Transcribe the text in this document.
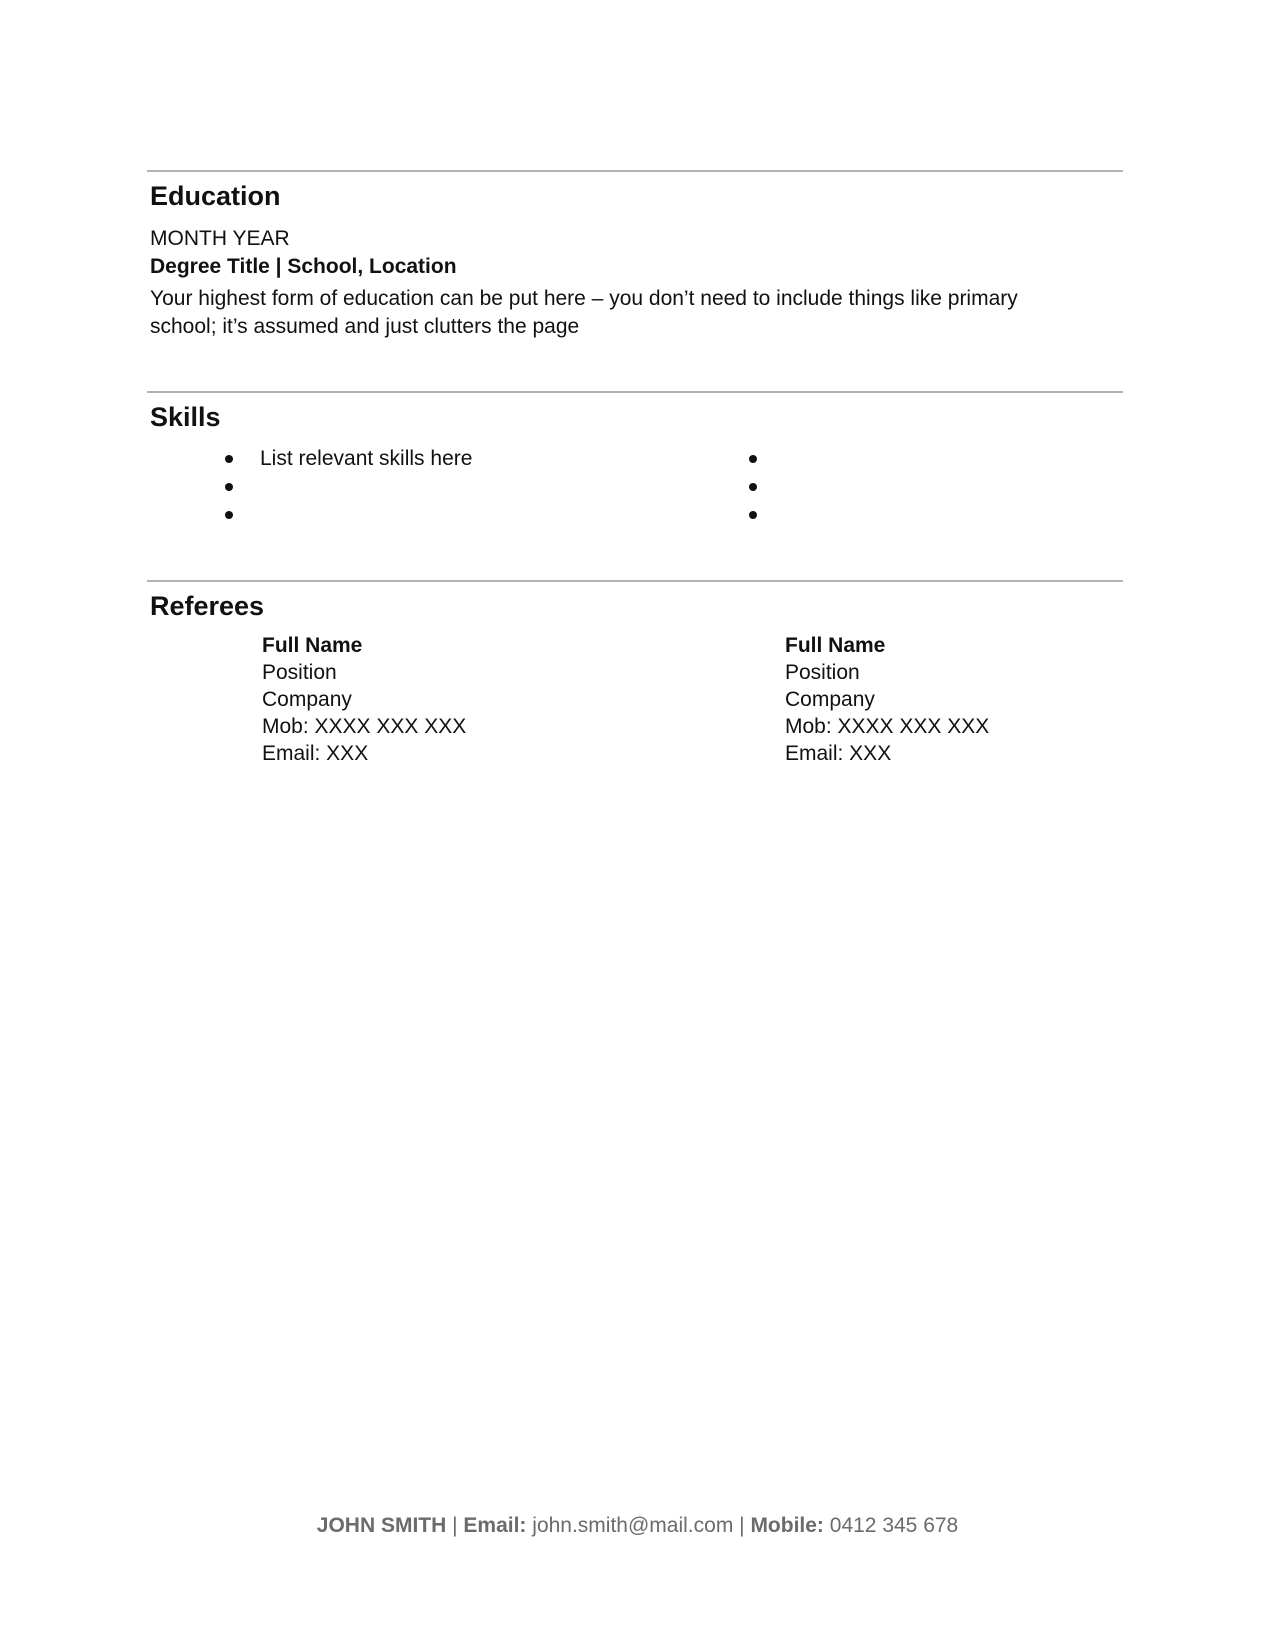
Education

MONTH YEAR

Degree Title | School, Location

Your highest form of education can be put here – you don’t need to include things like primary school; it’s assumed and just clutters the page

Skills
List relevant skills here
Referees
Full Name
Position
Company
Mob: XXXX XXX XXX
Email: XXX
Full Name
Position
Company
Mob: XXXX XXX XXX
Email: XXX
JOHN SMITH | Email: john.smith@mail.com | Mobile: 0412 345 678
